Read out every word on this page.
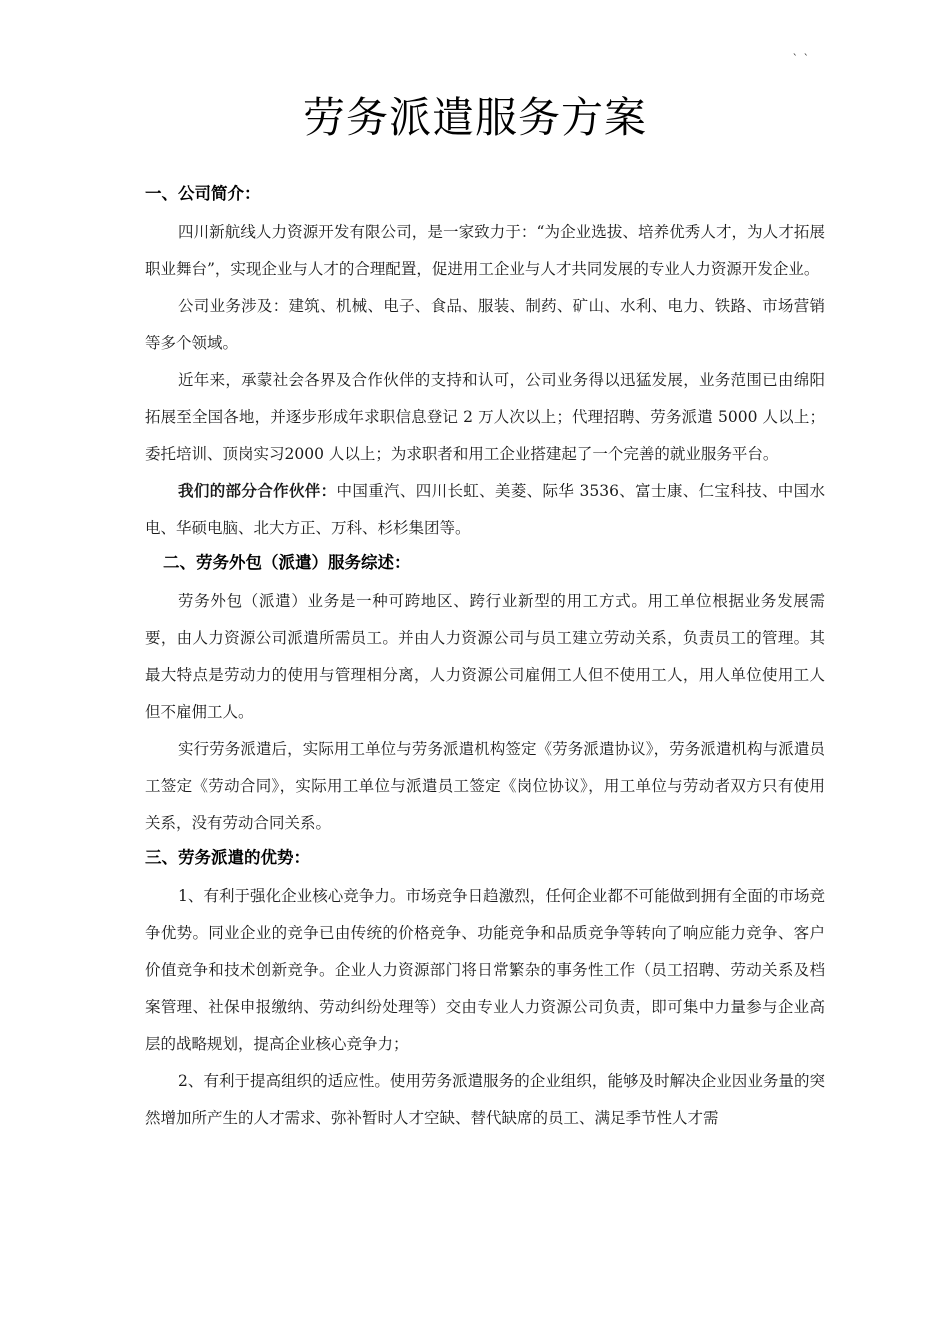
` `
劳务派遣服务方案
一、公司简介：

四川新航线人力资源开发有限公司，是一家致力于：“为企业选拔、培养优秀人才，为人才拓展职业舞台”，实现企业与人才的合理配置，促进用工企业与人才共同发展的专业人力资源开发企业。

公司业务涉及：建筑、机械、电子、食品、服装、制药、矿山、水利、电力、铁路、市场营销等多个领域。

近年来，承蒙社会各界及合作伙伴的支持和认可，公司业务得以迅猛发展，业务范围已由绵阳拓展至全国各地，并逐步形成年求职信息登记 2 万人次以上；代理招聘、劳务派遣 5000 人以上；委托培训、顶岗实习2000 人以上；为求职者和用工企业搭建起了一个完善的就业服务平台。

我们的部分合作伙伴：中国重汽、四川长虹、美菱、际华 3536、富士康、仁宝科技、中国水电、华硕电脑、北大方正、万科、杉杉集团等。

二、劳务外包（派遣）服务综述：

劳务外包（派遣）业务是一种可跨地区、跨行业新型的用工方式。用工单位根据业务发展需要，由人力资源公司派遣所需员工。并由人力资源公司与员工建立劳动关系，负责员工的管理。其最大特点是劳动力的使用与管理相分离，人力资源公司雇佣工人但不使用工人，用人单位使用工人但不雇佣工人。

实行劳务派遣后，实际用工单位与劳务派遣机构签定《劳务派遣协议》，劳务派遣机构与派遣员工签定《劳动合同》，实际用工单位与派遣员工签定《岗位协议》，用工单位与劳动者双方只有使用关系，没有劳动合同关系。

三、劳务派遣的优势：

1、有利于强化企业核心竞争力。市场竞争日趋激烈，任何企业都不可能做到拥有全面的市场竞争优势。同业企业的竞争已由传统的价格竞争、功能竞争和品质竞争等转向了响应能力竞争、客户价值竞争和技术创新竞争。企业人力资源部门将日常繁杂的事务性工作（员工招聘、劳动关系及档案管理、社保申报缴纳、劳动纠纷处理等）交由专业人力资源公司负责，即可集中力量参与企业高层的战略规划，提高企业核心竞争力；

2、有利于提高组织的适应性。使用劳务派遣服务的企业组织，能够及时解决企业因业务量的突然增加所产生的人才需求、弥补暂时人才空缺、替代缺席的员工、满足季节性人才需
